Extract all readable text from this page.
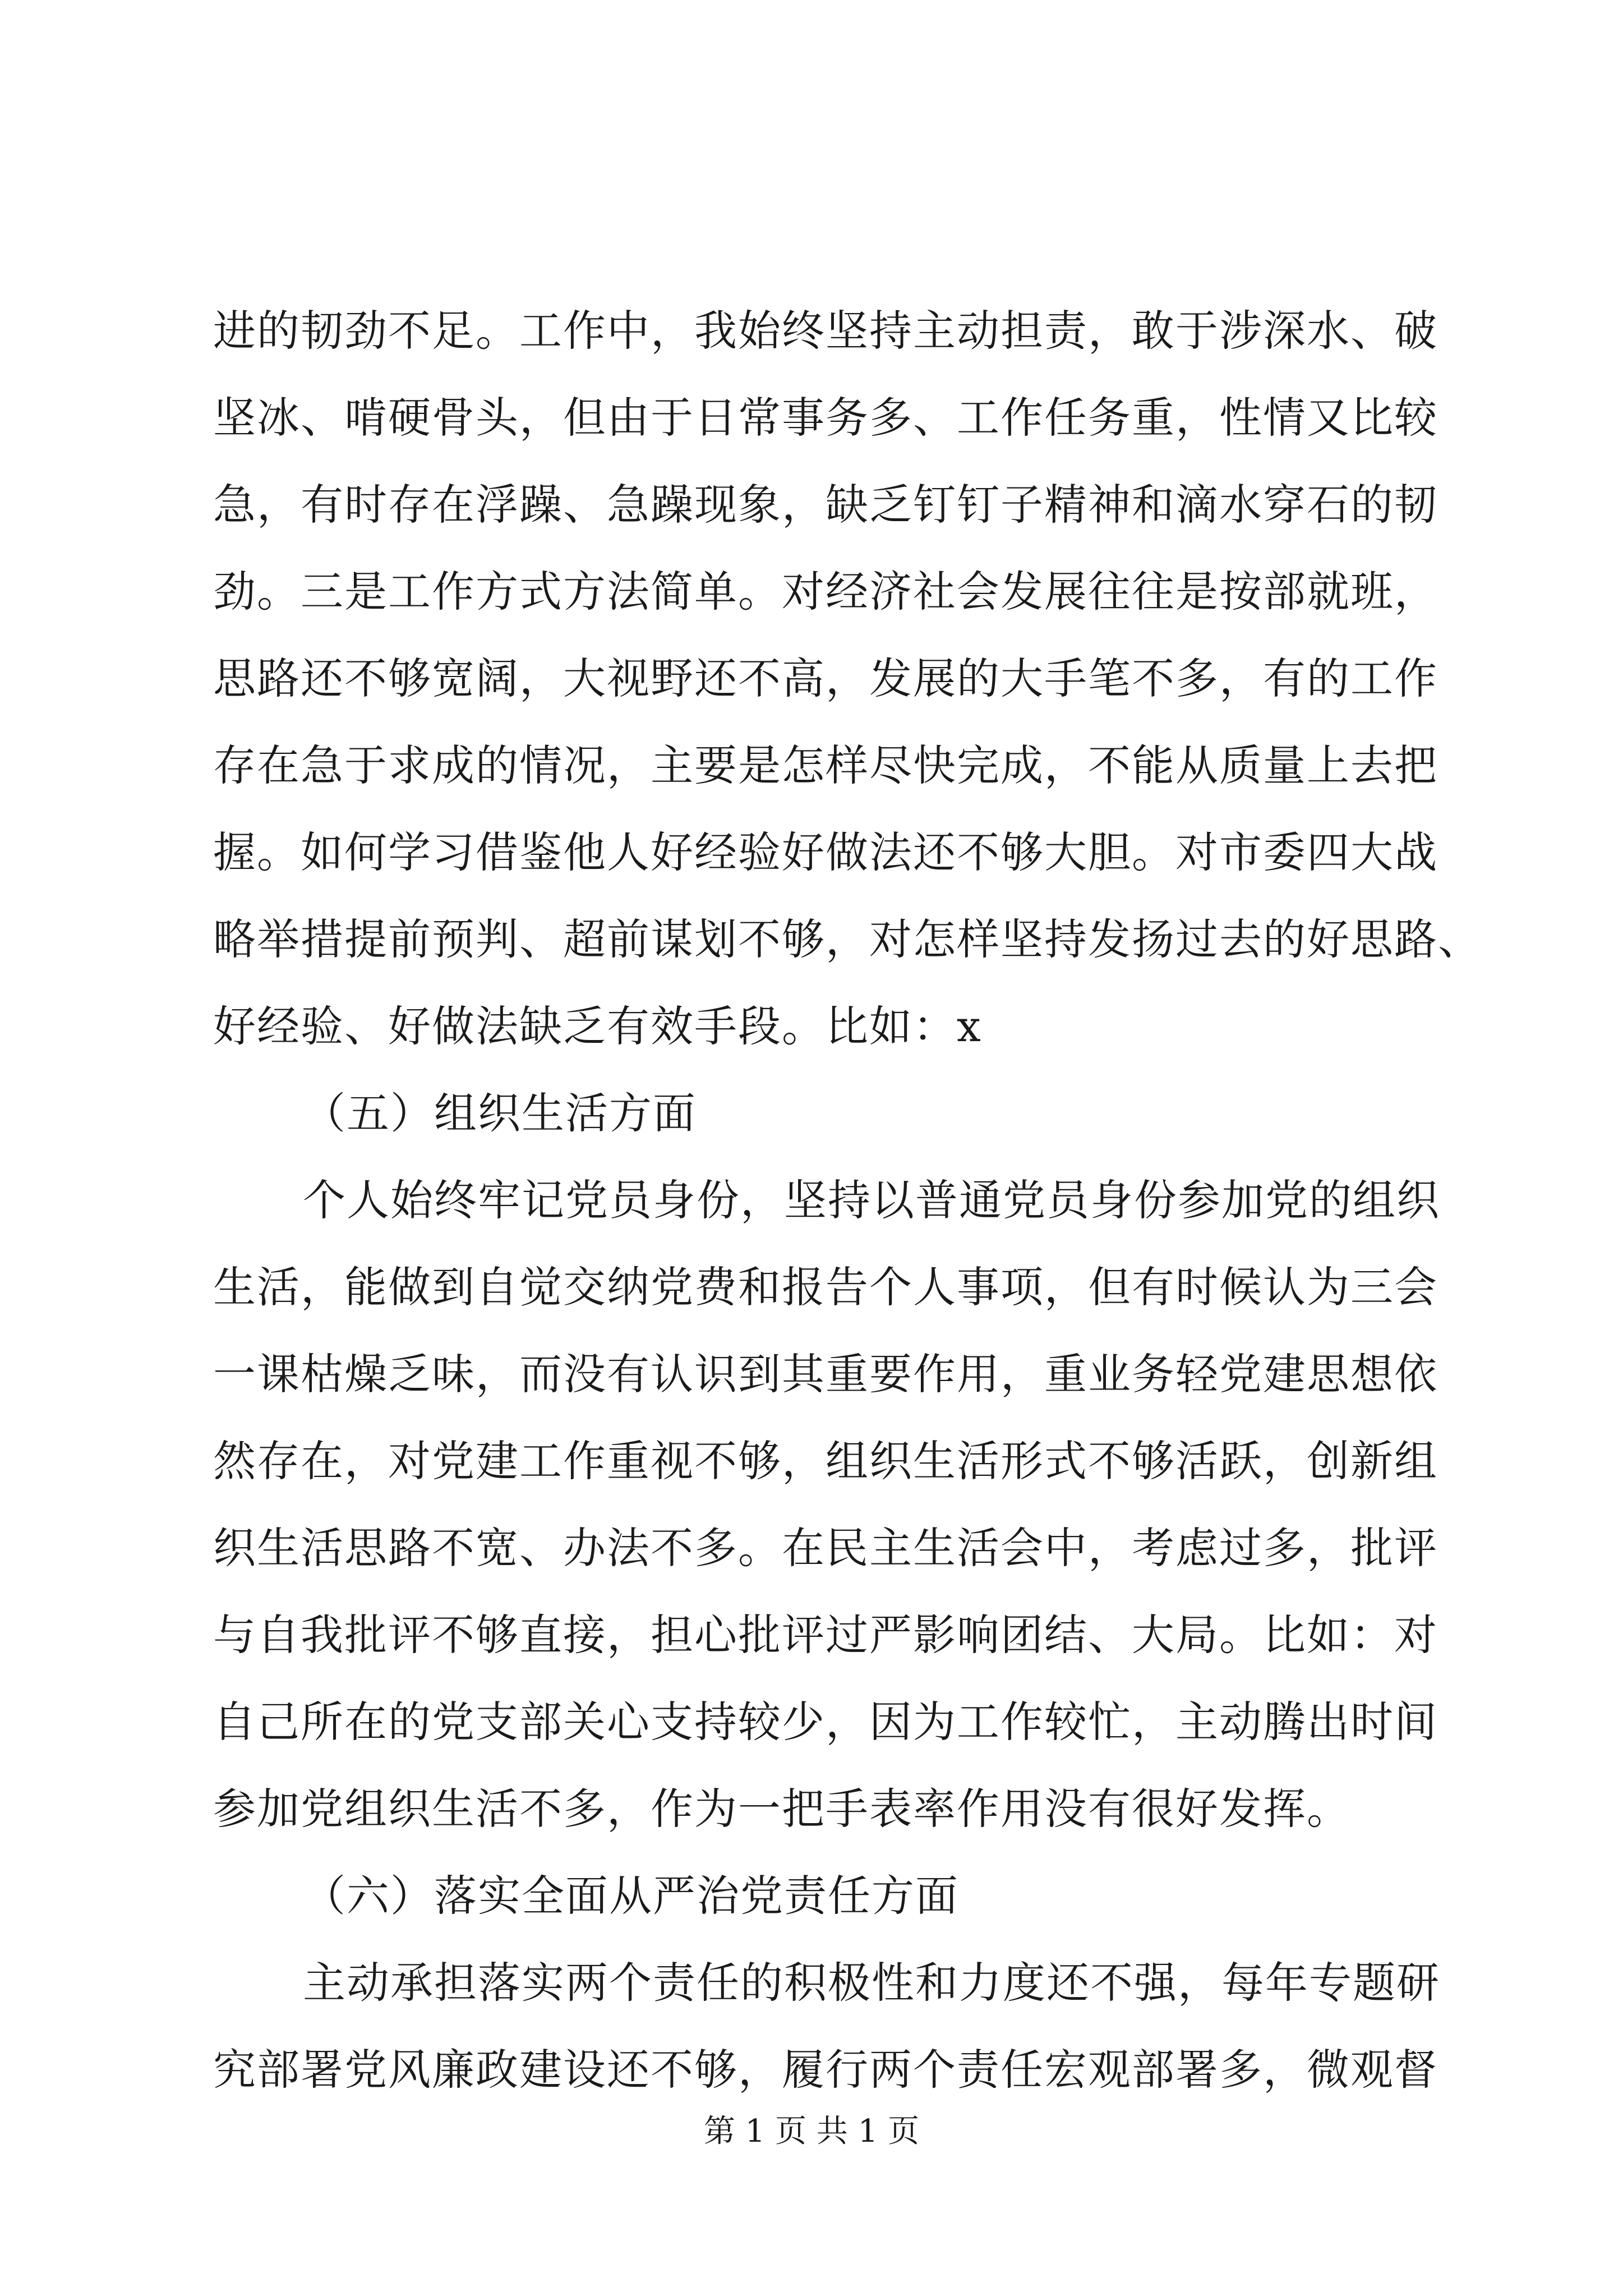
进的韧劲不足。工作中，我始终坚持主动担责，敢于涉深水、破

坚冰、啃硬骨头，但由于日常事务多、工作任务重，性情又比较

急，有时存在浮躁、急躁现象，缺乏钉钉子精神和滴水穿石的韧

劲。三是工作方式方法简单。对经济社会发展往往是按部就班，

思路还不够宽阔，大视野还不高，发展的大手笔不多，有的工作

存在急于求成的情况，主要是怎样尽快完成，不能从质量上去把

握。如何学习借鉴他人好经验好做法还不够大胆。对市委四大战

略举措提前预判、超前谋划不够，对怎样坚持发扬过去的好思路、

好经验、好做法缺乏有效手段。比如：x

（五）组织生活方面

个人始终牢记党员身份，坚持以普通党员身份参加党的组织

生活，能做到自觉交纳党费和报告个人事项，但有时候认为三会

一课枯燥乏味，而没有认识到其重要作用，重业务轻党建思想依

然存在，对党建工作重视不够，组织生活形式不够活跃，创新组

织生活思路不宽、办法不多。在民主生活会中，考虑过多，批评

与自我批评不够直接，担心批评过严影响团结、大局。比如：对

自己所在的党支部关心支持较少，因为工作较忙，主动腾出时间

参加党组织生活不多，作为一把手表率作用没有很好发挥。

（六）落实全面从严治党责任方面

主动承担落实两个责任的积极性和力度还不强，每年专题研

究部署党风廉政建设还不够，履行两个责任宏观部署多，微观督

第 1 页 共 1 页
